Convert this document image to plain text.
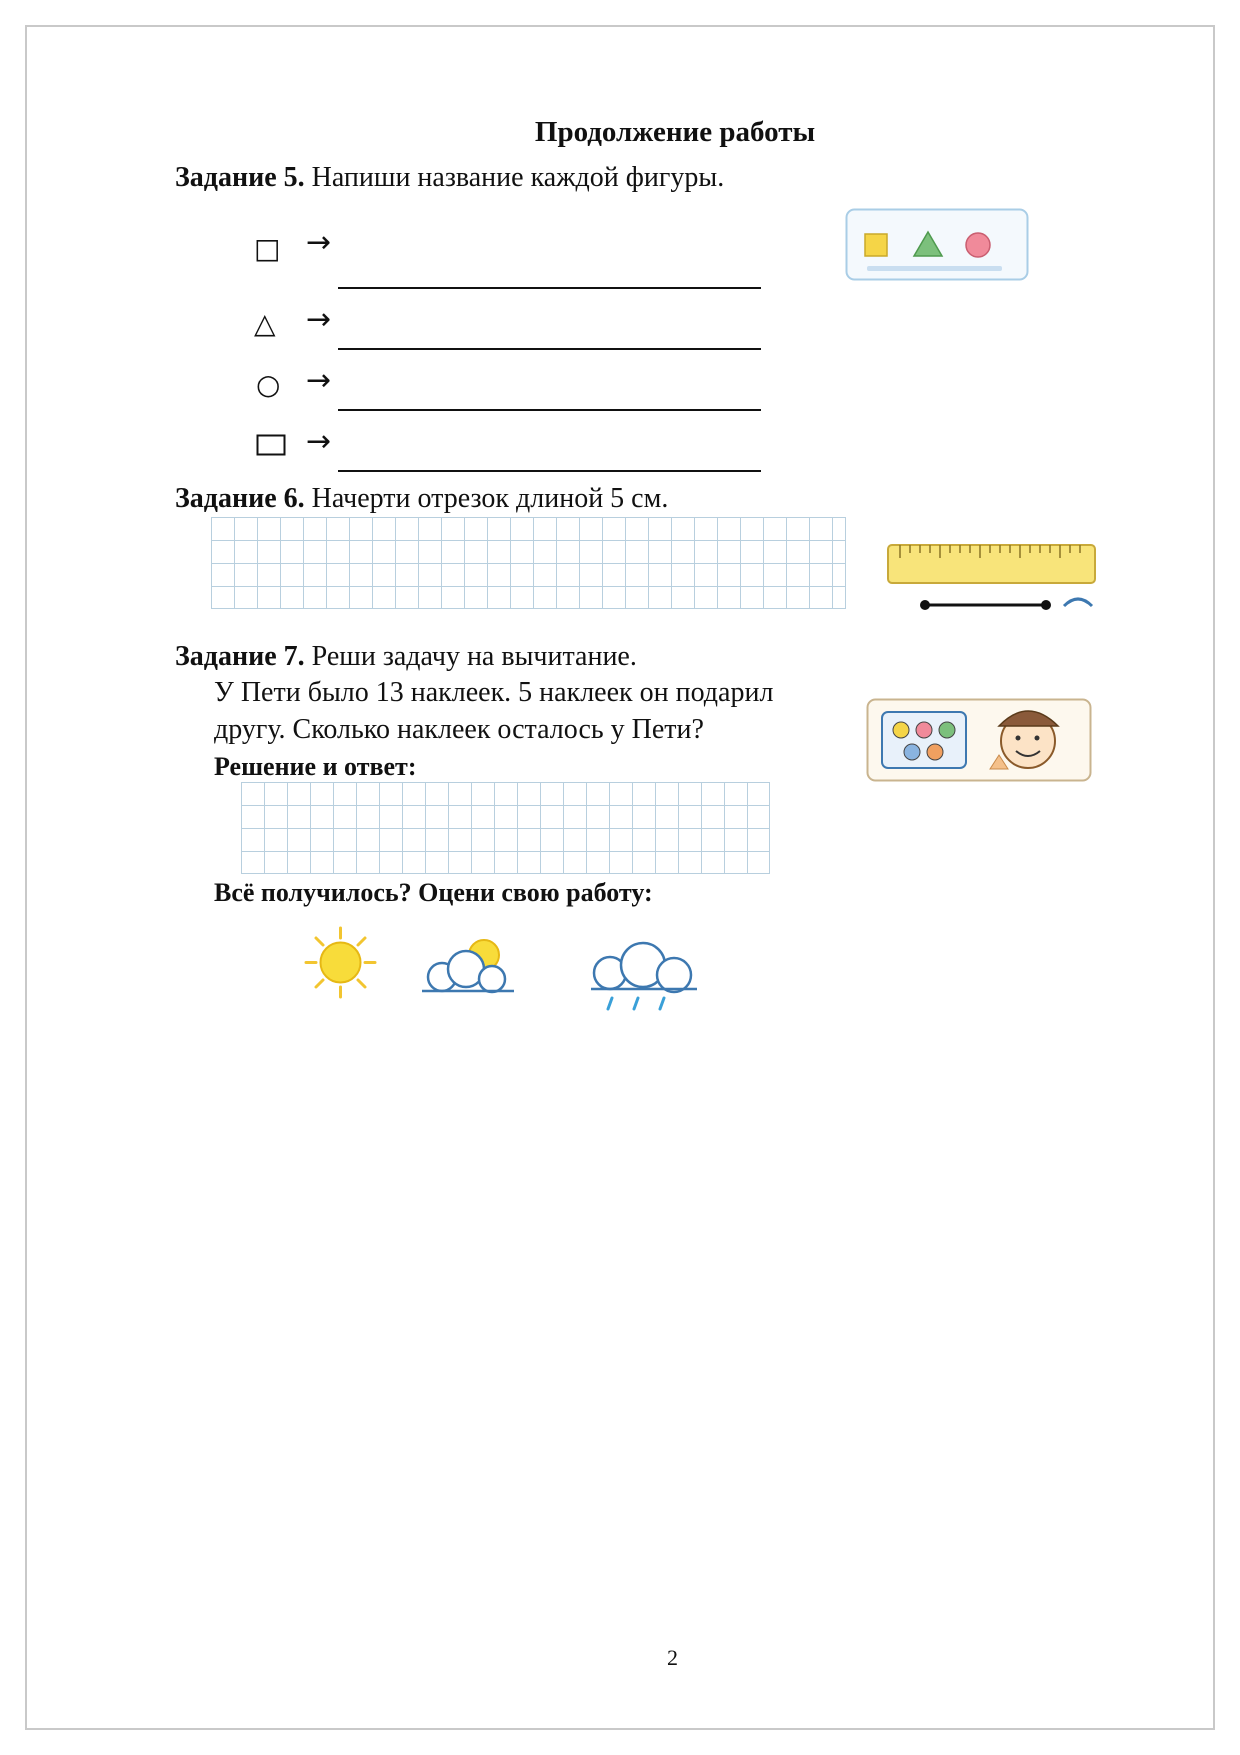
Продолжение работы
Задание 5. Напиши название каждой фигуры.
□ →
△ →
○ →
→
Задание 6. Начерти отрезок длиной 5 см.
Задание 7. Реши задачу на вычитание.
У Пети было 13 наклеек. 5 наклеек он подарил
другу. Сколько наклеек осталось у Пети?
Решение и ответ:
Всё получилось? Оцени свою работу:
2
